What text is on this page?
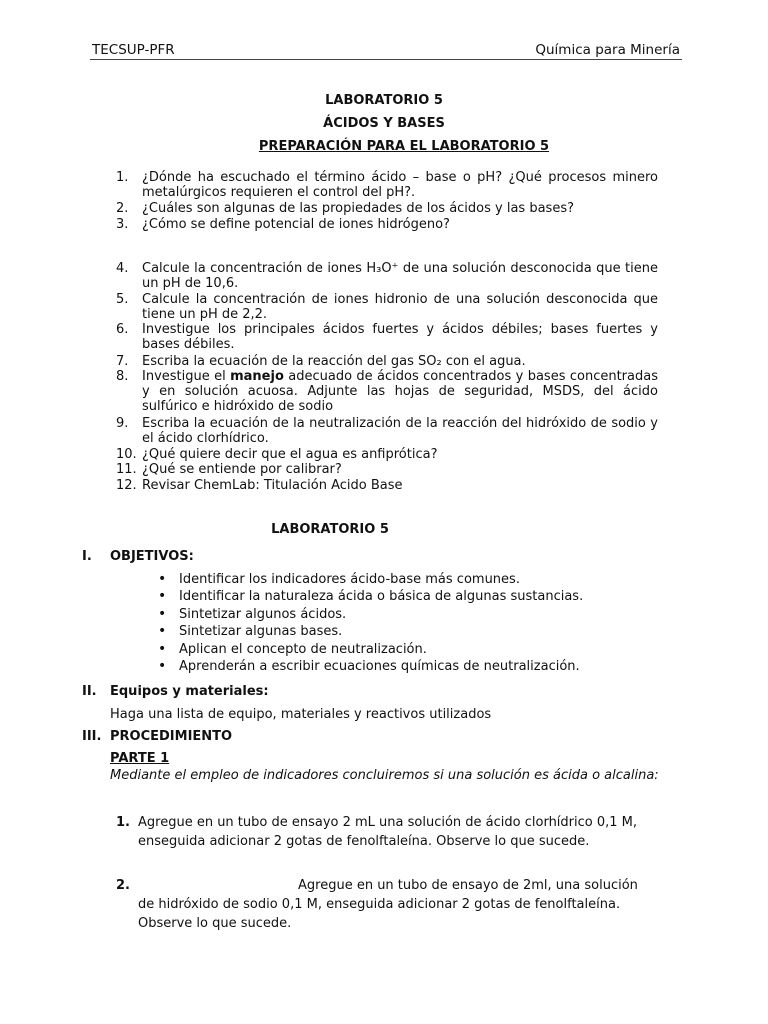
TECSUP-PFR	Química para Minería
LABORATORIO 5
ÁCIDOS Y BASES
PREPARACIÓN PARA EL LABORATORIO 5
1. ¿Dónde ha escuchado el término ácido – base o pH? ¿Qué procesos minero metalúrgicos requieren el control del pH?.
2. ¿Cuáles son algunas de las propiedades de los ácidos y las bases?
3. ¿Cómo se define potencial de iones hidrógeno?
4. Calcule la concentración de iones H₃O⁺ de una solución desconocida que tiene un pH de 10,6.
5. Calcule la concentración de iones hidronio de una solución desconocida que tiene un pH de 2,2.
6. Investigue los principales ácidos fuertes y ácidos débiles; bases fuertes y bases débiles.
7. Escriba la ecuación de la reacción del gas SO₂ con el agua.
8. Investigue el manejo adecuado de ácidos concentrados y bases concentradas y en solución acuosa. Adjunte las hojas de seguridad, MSDS, del ácido sulfúrico e hidróxido de sodio
9. Escriba la ecuación de la neutralización de la reacción del hidróxido de sodio y el ácido clorhídrico.
10. ¿Qué quiere decir que el agua es anfiprótica?
11. ¿Qué se entiende por calibrar?
12. Revisar ChemLab: Titulación Acido Base
LABORATORIO 5
I. OBJETIVOS:
• Identificar los indicadores ácido-base más comunes.
• Identificar la naturaleza ácida o básica de algunas sustancias.
• Sintetizar algunos ácidos.
• Sintetizar algunas bases.
• Aplican el concepto de neutralización.
• Aprenderán a escribir ecuaciones químicas de neutralización.
II. Equipos y materiales:
Haga una lista de equipo, materiales y reactivos utilizados
III. PROCEDIMIENTO
PARTE 1
Mediante el empleo de indicadores concluiremos si una solución es ácida o alcalina:
1. Agregue en un tubo de ensayo 2 mL una solución de ácido clorhídrico 0,1 M, enseguida adicionar 2 gotas de fenolftaleína. Observe lo que sucede.
2.	Agregue en un tubo de ensayo de 2ml, una solución de hidróxido de sodio 0,1 M, enseguida adicionar 2 gotas de fenolftaleína. Observe lo que sucede.
